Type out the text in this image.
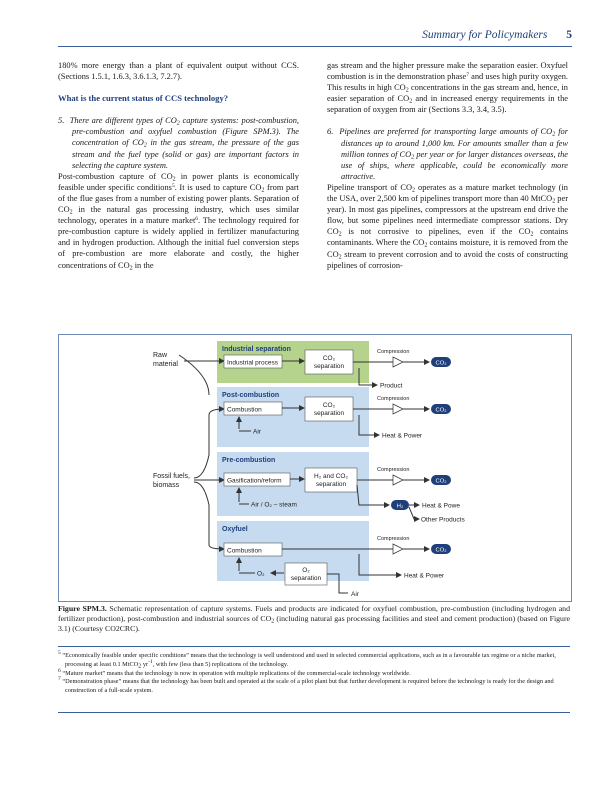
Summary for Policymakers 5

180% more energy than a plant of equivalent output without CCS. (Sections 1.5.1, 1.6.3, 3.6.1.3, 7.2.7).

What is the current status of CCS technology?

5. There are different types of $CO_2$ capture systems: post-combustion, pre-combustion and oxyfuel combustion (Figure SPM.3). The concentration of $CO_2$ in the gas stream, the pressure of the gas stream and the fuel type (solid or gas) are important factors in selecting the capture system.

Post-combustion capture of $CO_2$ in power plants is economically feasible under specific conditions$^5$. It is used to capture $CO_2$ from part of the flue gases from a number of existing power plants. Separation of $CO_2$ in the natural gas processing industry, which uses similar technology, operates in a mature market$^6$. The technology required for pre-combustion capture is widely applied in fertilizer manufacturing and in hydrogen production. Although the initial fuel conversion steps of pre-combustion are more elaborate and costly, the higher concentrations of $CO_2$ in the

gas stream and the higher pressure make the separation easier. Oxyfuel combustion is in the demonstration phase$^7$ and uses high purity oxygen. This results in high $CO_2$ concentrations in the gas stream and, hence, in easier separation of $CO_2$ and in increased energy requirements in the separation of oxygen from air (Sections 3.3, 3.4, 3.5).

6. Pipelines are preferred for transporting large amounts of $CO_2$ for distances up to around 1,000 km. For amounts smaller than a few million tonnes of $CO_2$ per year or for larger distances overseas, the use of ships, where applicable, could be economically more attractive.

Pipeline transport of $CO_2$ operates as a mature market technology (in the USA, over 2,500 km of pipelines transport more than 40 MtCO$_2$ per year). In most gas pipelines, compressors at the upstream end drive the flow, but some pipelines need intermediate compressor stations. Dry $CO_2$ is not corrosive to pipelines, even if the $CO_2$ contains contaminants. Where the $CO_2$ contains moisture, it is removed from the $CO_2$ stream to prevent corrosion and to avoid the costs of constructing pipelines of corrosion-

Industrial separation
Post-combustion
Pre-combustion
Oxyfuel
Raw material
Fossil fuels, biomass
Industrial process
CO₂ separation
Combustion
CO₂ separation
Air
Gasification/reform
H₂ and CO₂ separation
Air / O₂ – steam
Combustion
O₂	O₂ separation
Air
Compression
CO₂
Product
Compression
CO₂
Heat & Power
Compression
CO₂
H₂	Heat & Powe
Other Products
Compression
CO₂
Heat & Power
Figure SPM.3. Schematic representation of capture systems. Fuels and products are indicated for oxyfuel combustion, pre-combustion (including hydrogen and fertilizer production), post-combustion and industrial sources of $CO_2$ (including natural gas processing facilities and steel and cement production) (based on Figure 3.1) (Courtesy CO2CRC).

$^5$ “Economically feasible under specific conditions” means that the technology is well understood and used in selected commercial applications, such as in a favourable tax regime or a niche market, processing at least 0.1 MtCO$_2$ $yr^{-1}$, with few (less than 5) replications of the technology.

$^6$ “Mature market” means that the technology is now in operation with multiple replications of the commercial-scale technology worldwide.

$^7$ “Demonstration phase” means that the technology has been built and operated at the scale of a pilot plant but that further development is required before the technology is ready for the design and construction of a full-scale system.
